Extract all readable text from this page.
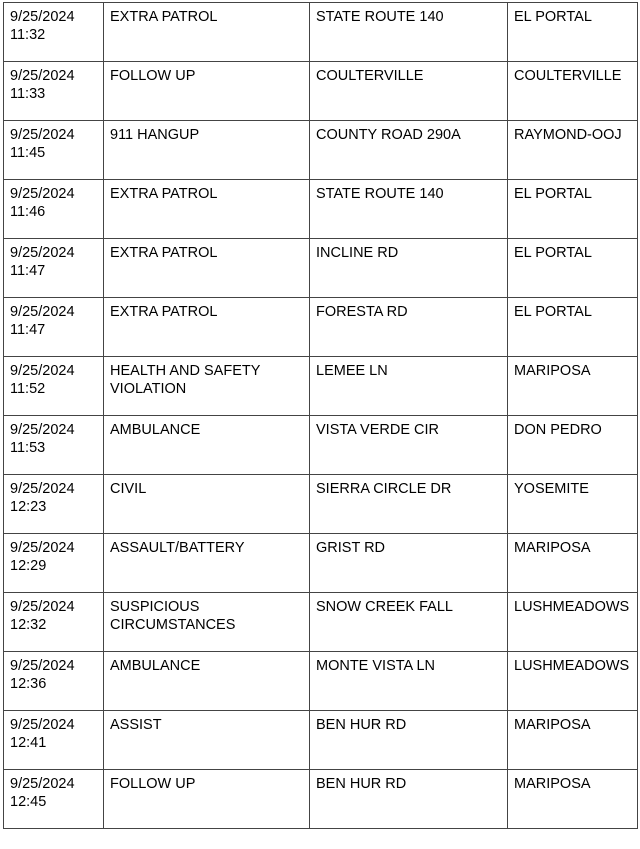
9/25/2024
11:32	EXTRA PATROL	STATE ROUTE 140	EL PORTAL
9/25/2024
11:33	FOLLOW UP	COULTERVILLE	COULTERVILLE
9/25/2024
11:45	911 HANGUP	COUNTY ROAD 290A	RAYMOND-OOJ
9/25/2024
11:46	EXTRA PATROL	STATE ROUTE 140	EL PORTAL
9/25/2024
11:47	EXTRA PATROL	INCLINE RD	EL PORTAL
9/25/2024
11:47	EXTRA PATROL	FORESTA RD	EL PORTAL
9/25/2024
11:52	HEALTH AND SAFETY
VIOLATION	LEMEE LN	MARIPOSA
9/25/2024
11:53	AMBULANCE	VISTA VERDE CIR	DON PEDRO
9/25/2024
12:23	CIVIL	SIERRA CIRCLE DR	YOSEMITE
9/25/2024
12:29	ASSAULT/BATTERY	GRIST RD	MARIPOSA
9/25/2024
12:32	SUSPICIOUS
CIRCUMSTANCES	SNOW CREEK FALL	LUSHMEADOWS
9/25/2024
12:36	AMBULANCE	MONTE VISTA LN	LUSHMEADOWS
9/25/2024
12:41	ASSIST	BEN HUR RD	MARIPOSA
9/25/2024
12:45	FOLLOW UP	BEN HUR RD	MARIPOSA
